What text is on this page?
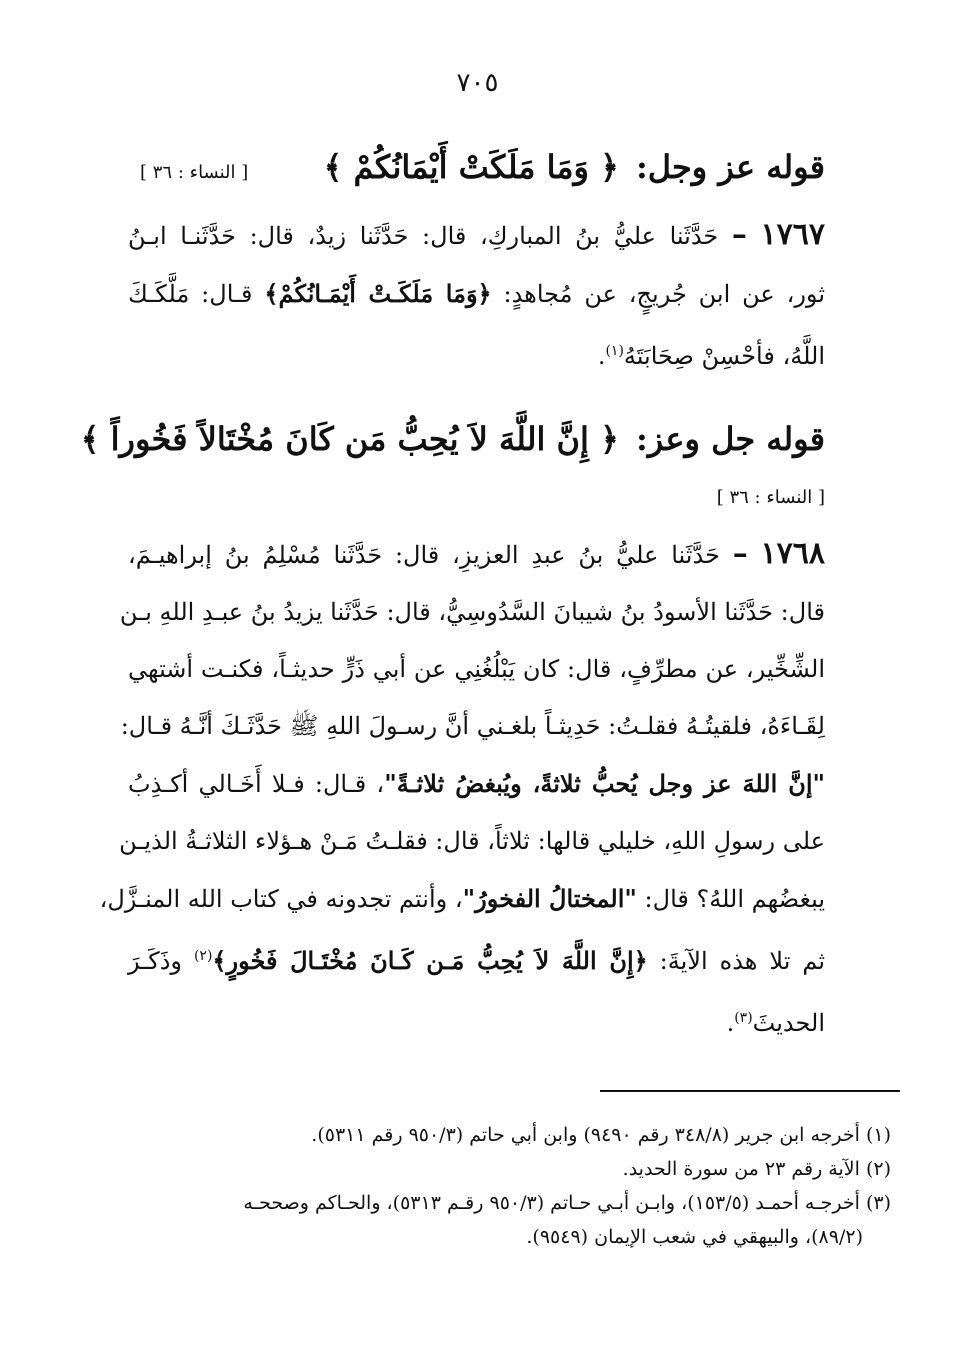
٧٠٥
قوله عز وجل: ﴿ وَمَا مَلَكَتْ أَيْمَانُكُمْ ﴾
[ النساء : ٣٦ ]
١٧٦٧ – حَدَّثَنا عليُّ بنُ المباركِ، قال: حَدَّثَنا زيدٌ، قال: حَدَّثَنـا ابـنُ
ثور، عن ابن جُريجٍ، عن مُجاهدٍ: ﴿وَمَا مَلَكَـتْ أَيْمَـانُكُمْ﴾ قـال: مَلَّكَـكَ
اللَّهُ، فأحْسِنْ صِحَابَتَهُ$^{(١)}$.
قوله جل وعز: ﴿ إِنَّ اللَّهَ لاَ يُحِبُّ مَن كَانَ مُخْتَالاً فَخُوراً ﴾
[ النساء : ٣٦ ]
١٧٦٨ – حَدَّثَنا عليُّ بنُ عبدِ العزيزِ، قال: حَدَّثَنا مُسْلِمُ بنُ إبراهيـمَ،
قال: حَدَّثَنا الأسودُ بنُ شيبانَ السَّدُوسِيُّ، قال: حَدَّثَنا يزيدُ بنُ عبـدِ اللهِ بـن
الشِّخِّير، عن مطرِّفٍ، قال: كان يَبْلُغُنِي عن أبي ذَرٍّ حديثـاً، فكنـت أشتهي
لِقَـاءَهُ، فلقيتُـهُ فقلـتُ: حَدِيثـاً بلغـني أنَّ رسـولَ اللهِ ﷺ حَدَّثَـكَ أنَّـهُ قـال:
"إنَّ اللهَ عز وجل يُحبُّ ثلاثةً، ويُبغضُ ثلاثـةً"، قـال: فـلا أَخَـالي أكـذِبُ
على رسولِ اللهِ، خليلي قالها: ثلاثاً، قال: فقلـتُ مَـنْ هـؤلاء الثلاثـةُ الذيـن
يبغضُهم اللهُ؟ قال: "المختالُ الفخورُ"، وأنتم تجدونه في كتاب الله المنـزَّل،
ثم تلا هذه الآيةَ: ﴿إِنَّ اللَّهَ لاَ يُحِبُّ مَـن كَـانَ مُخْتَـالَ فَخُورٍ﴾$^{(٢)}$ وذَكَـرَ
الحديثَ$^{(٣)}$.
(١) أخرجه ابن جرير (٣٤٨/٨ رقم ٩٤٩٠) وابن أبي حاتم (٩٥٠/٣ رقم ٥٣١١).
(٢) الآية رقم ٢٣ من سورة الحديد.
(٣) أخرجـه أحمـد (١٥٣/٥)، وابـن أبـي حـاتم (٩٥٠/٣ رقـم ٥٣١٣)، والحـاكم وصححـه
(٨٩/٢)، والبيهقي في شعب الإيمان (٩٥٤٩).
